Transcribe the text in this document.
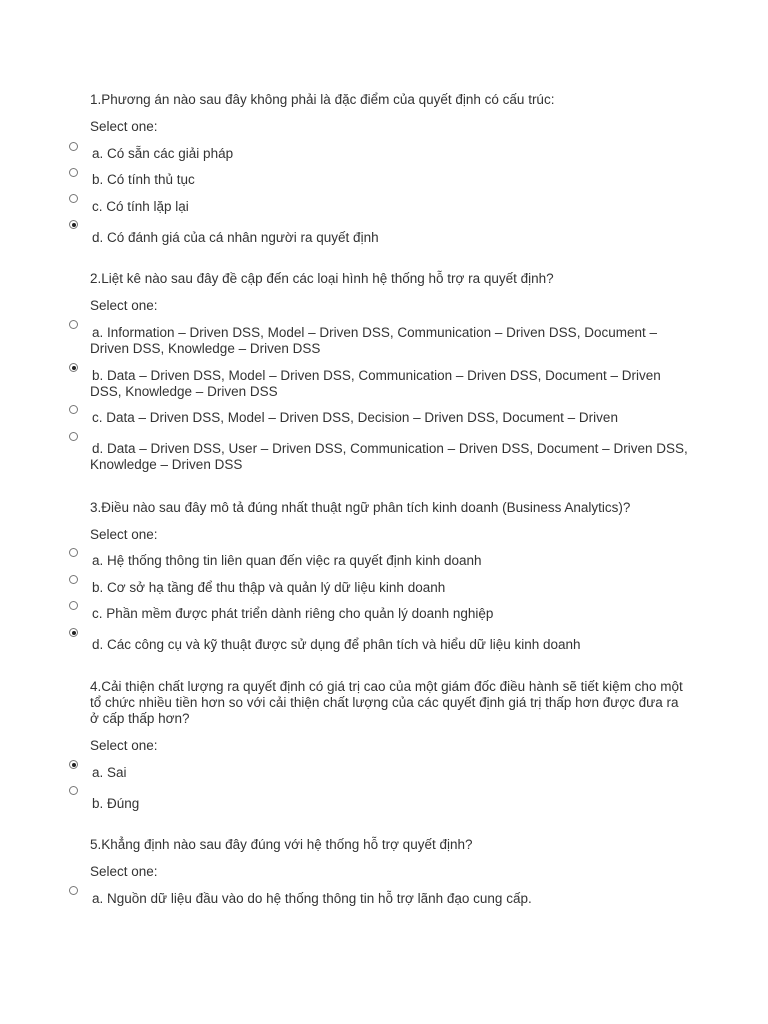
1.Phương án nào sau đây không phải là đặc điểm của quyết định có cấu trúc:
Select one:
a. Có sẵn các giải pháp
b. Có tính thủ tục
c. Có tính lặp lại
d. Có đánh giá của cá nhân người ra quyết định
2.Liệt kê nào sau đây đề cập đến các loại hình hệ thống hỗ trợ ra quyết định?
Select one:
a. Information – Driven DSS, Model – Driven DSS, Communication – Driven DSS, Document – Driven DSS, Knowledge – Driven DSS
b. Data – Driven DSS, Model – Driven DSS, Communication – Driven DSS, Document – Driven DSS, Knowledge – Driven DSS
c. Data – Driven DSS, Model – Driven DSS, Decision – Driven DSS, Document – Driven
d. Data – Driven DSS, User – Driven DSS, Communication – Driven DSS, Document – Driven DSS, Knowledge – Driven DSS
3.Điều nào sau đây mô tả đúng nhất thuật ngữ phân tích kinh doanh (Business Analytics)?
Select one:
a. Hệ thống thông tin liên quan đến việc ra quyết định kinh doanh
b. Cơ sở hạ tầng để thu thập và quản lý dữ liệu kinh doanh
c. Phần mềm được phát triển dành riêng cho quản lý doanh nghiệp
d. Các công cụ và kỹ thuật được sử dụng để phân tích và hiểu dữ liệu kinh doanh
4.Cải thiện chất lượng ra quyết định có giá trị cao của một giám đốc điều hành sẽ tiết kiệm cho một tổ chức nhiều tiền hơn so với cải thiện chất lượng của các quyết định giá trị thấp hơn được đưa ra ở cấp thấp hơn?
Select one:
a. Sai
b. Đúng
5.Khẳng định nào sau đây đúng với hệ thống hỗ trợ quyết định?
Select one:
a. Nguồn dữ liệu đầu vào do hệ thống thông tin hỗ trợ lãnh đạo cung cấp.
